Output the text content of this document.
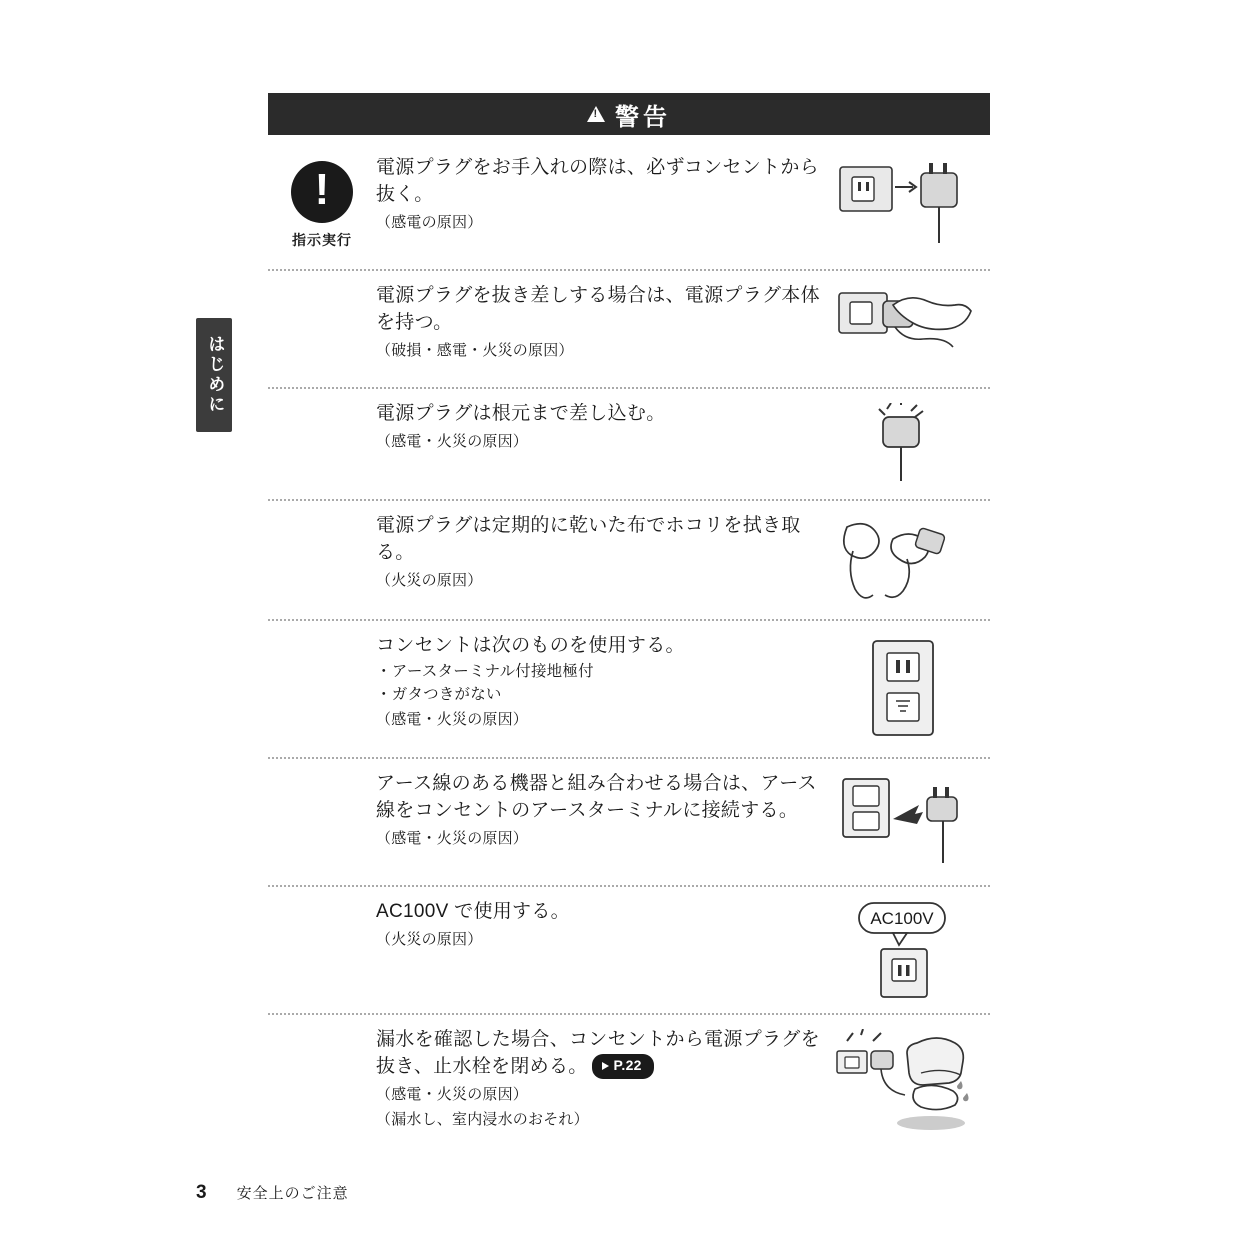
はじめに
!
警告
!
指示実行
電源プラグをお手入れの際は、必ずコンセントから抜く。
（感電の原因）
電源プラグを抜き差しする場合は、電源プラグ本体を持つ。
（破損・感電・火災の原因）
電源プラグは根元まで差し込む。
（感電・火災の原因）
電源プラグは定期的に乾いた布でホコリを拭き取る。
（火災の原因）
コンセントは次のものを使用する。
・アースターミナル付接地極付
・ガタつきがない
（感電・火災の原因）
アース線のある機器と組み合わせる場合は、アース線をコンセントのアースターミナルに接続する。
（感電・火災の原因）
AC100V で使用する。
（火災の原因）
AC100V
漏水を確認した場合、コンセントから電源プラグを抜き、止水栓を閉める。 P.22
（感電・火災の原因）
（漏水し、室内浸水のおそれ）
3 安全上のご注意
